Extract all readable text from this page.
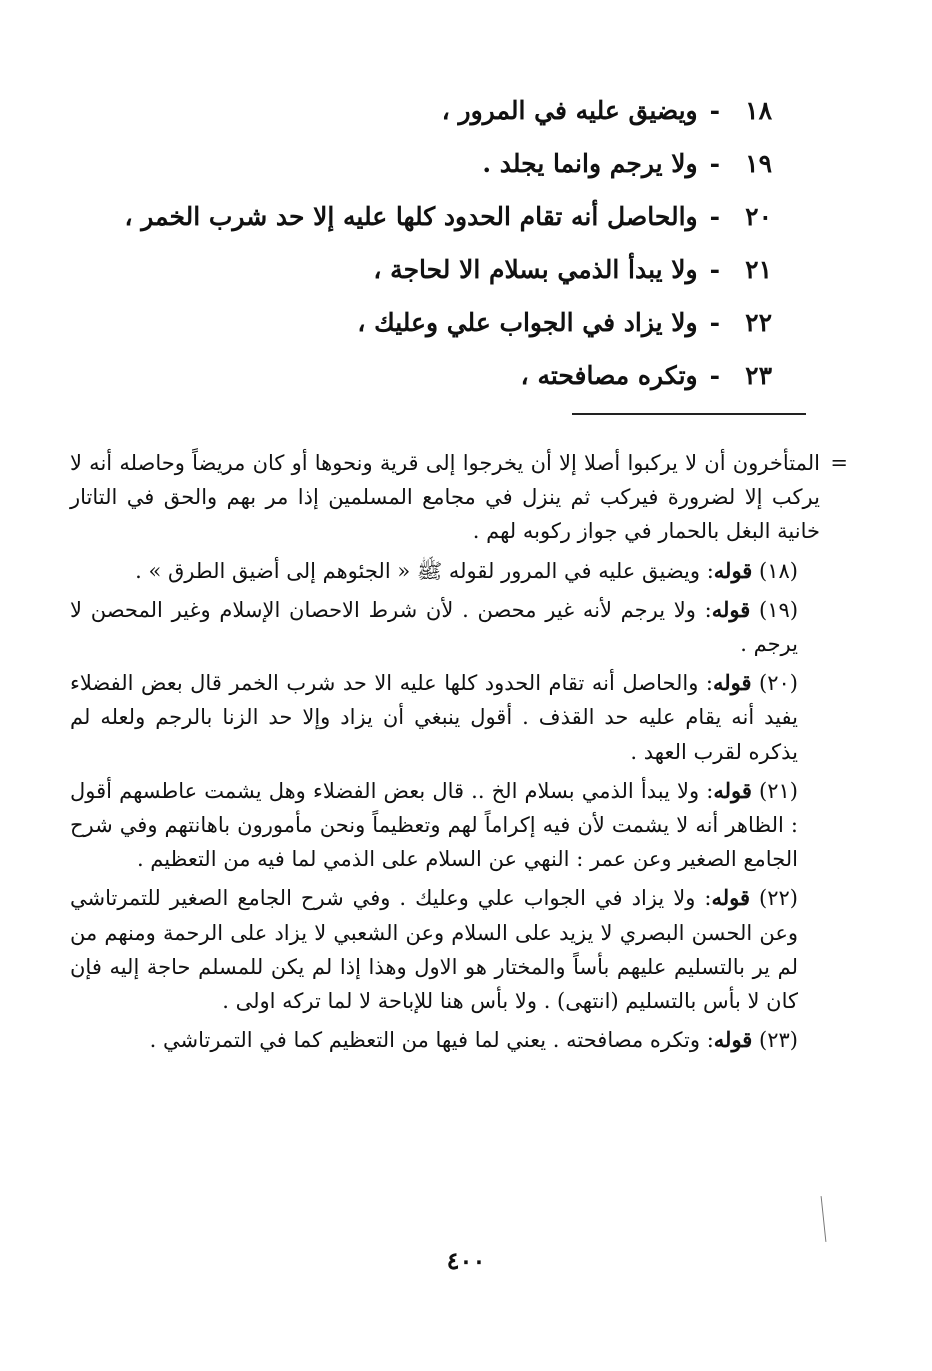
١٨-ويضيق عليه في المرور ،
١٩-ولا يرجم وانما يجلد .
٢٠-والحاصل أنه تقام الحدود كلها عليه إلا حد شرب الخمر ،
٢١-ولا يبدأ الذمي بسلام الا لحاجة ،
٢٢-ولا يزاد في الجواب علي وعليك ،
٢٣-وتكره مصافحته ،

=
المتأخرون أن لا يركبوا أصلا إلا أن يخرجوا إلى قرية ونحوها أو كان مريضاً وحاصله أنه لا يركب إلا لضرورة فيركب ثم ينزل في مجامع المسلمين إذا مر بهم والحق في التاتار خانية البغل بالحمار في جواز ركوبه لهم .

(١٨) قوله: ويضيق عليه في المرور لقوله ﷺ « الجئوهم إلى أضيق الطرق » .

(١٩) قوله: ولا يرجم لأنه غير محصن . لأن شرط الاحصان الإسلام وغير المحصن لا يرجم .

(٢٠) قوله: والحاصل أنه تقام الحدود كلها عليه الا حد شرب الخمر قال بعض الفضلاء يفيد أنه يقام عليه حد القذف . أقول ينبغي أن يزاد وإلا حد الزنا بالرجم ولعله لم يذكره لقرب العهد .

(٢١) قوله: ولا يبدأ الذمي بسلام الخ .. قال بعض الفضلاء وهل يشمت عاطسهم أقول : الظاهر أنه لا يشمت لأن فيه إكراماً لهم وتعظيماً ونحن مأمورون باهانتهم وفي شرح الجامع الصغير وعن عمر : النهي عن السلام على الذمي لما فيه من التعظيم .

(٢٢) قوله: ولا يزاد في الجواب علي وعليك . وفي شرح الجامع الصغير للتمرتاشي وعن الحسن البصري لا يزيد على السلام وعن الشعبي لا يزاد على الرحمة ومنهم من لم ير بالتسليم عليهم بأساً والمختار هو الاول وهذا إذا لم يكن للمسلم حاجة إليه فإن كان لا بأس بالتسليم (انتهى) . ولا بأس هنا للإباحة لا لما تركه اولى .

(٢٣) قوله: وتكره مصافحته . يعني لما فيها من التعظيم كما في التمرتاشي .

٤٠٠
